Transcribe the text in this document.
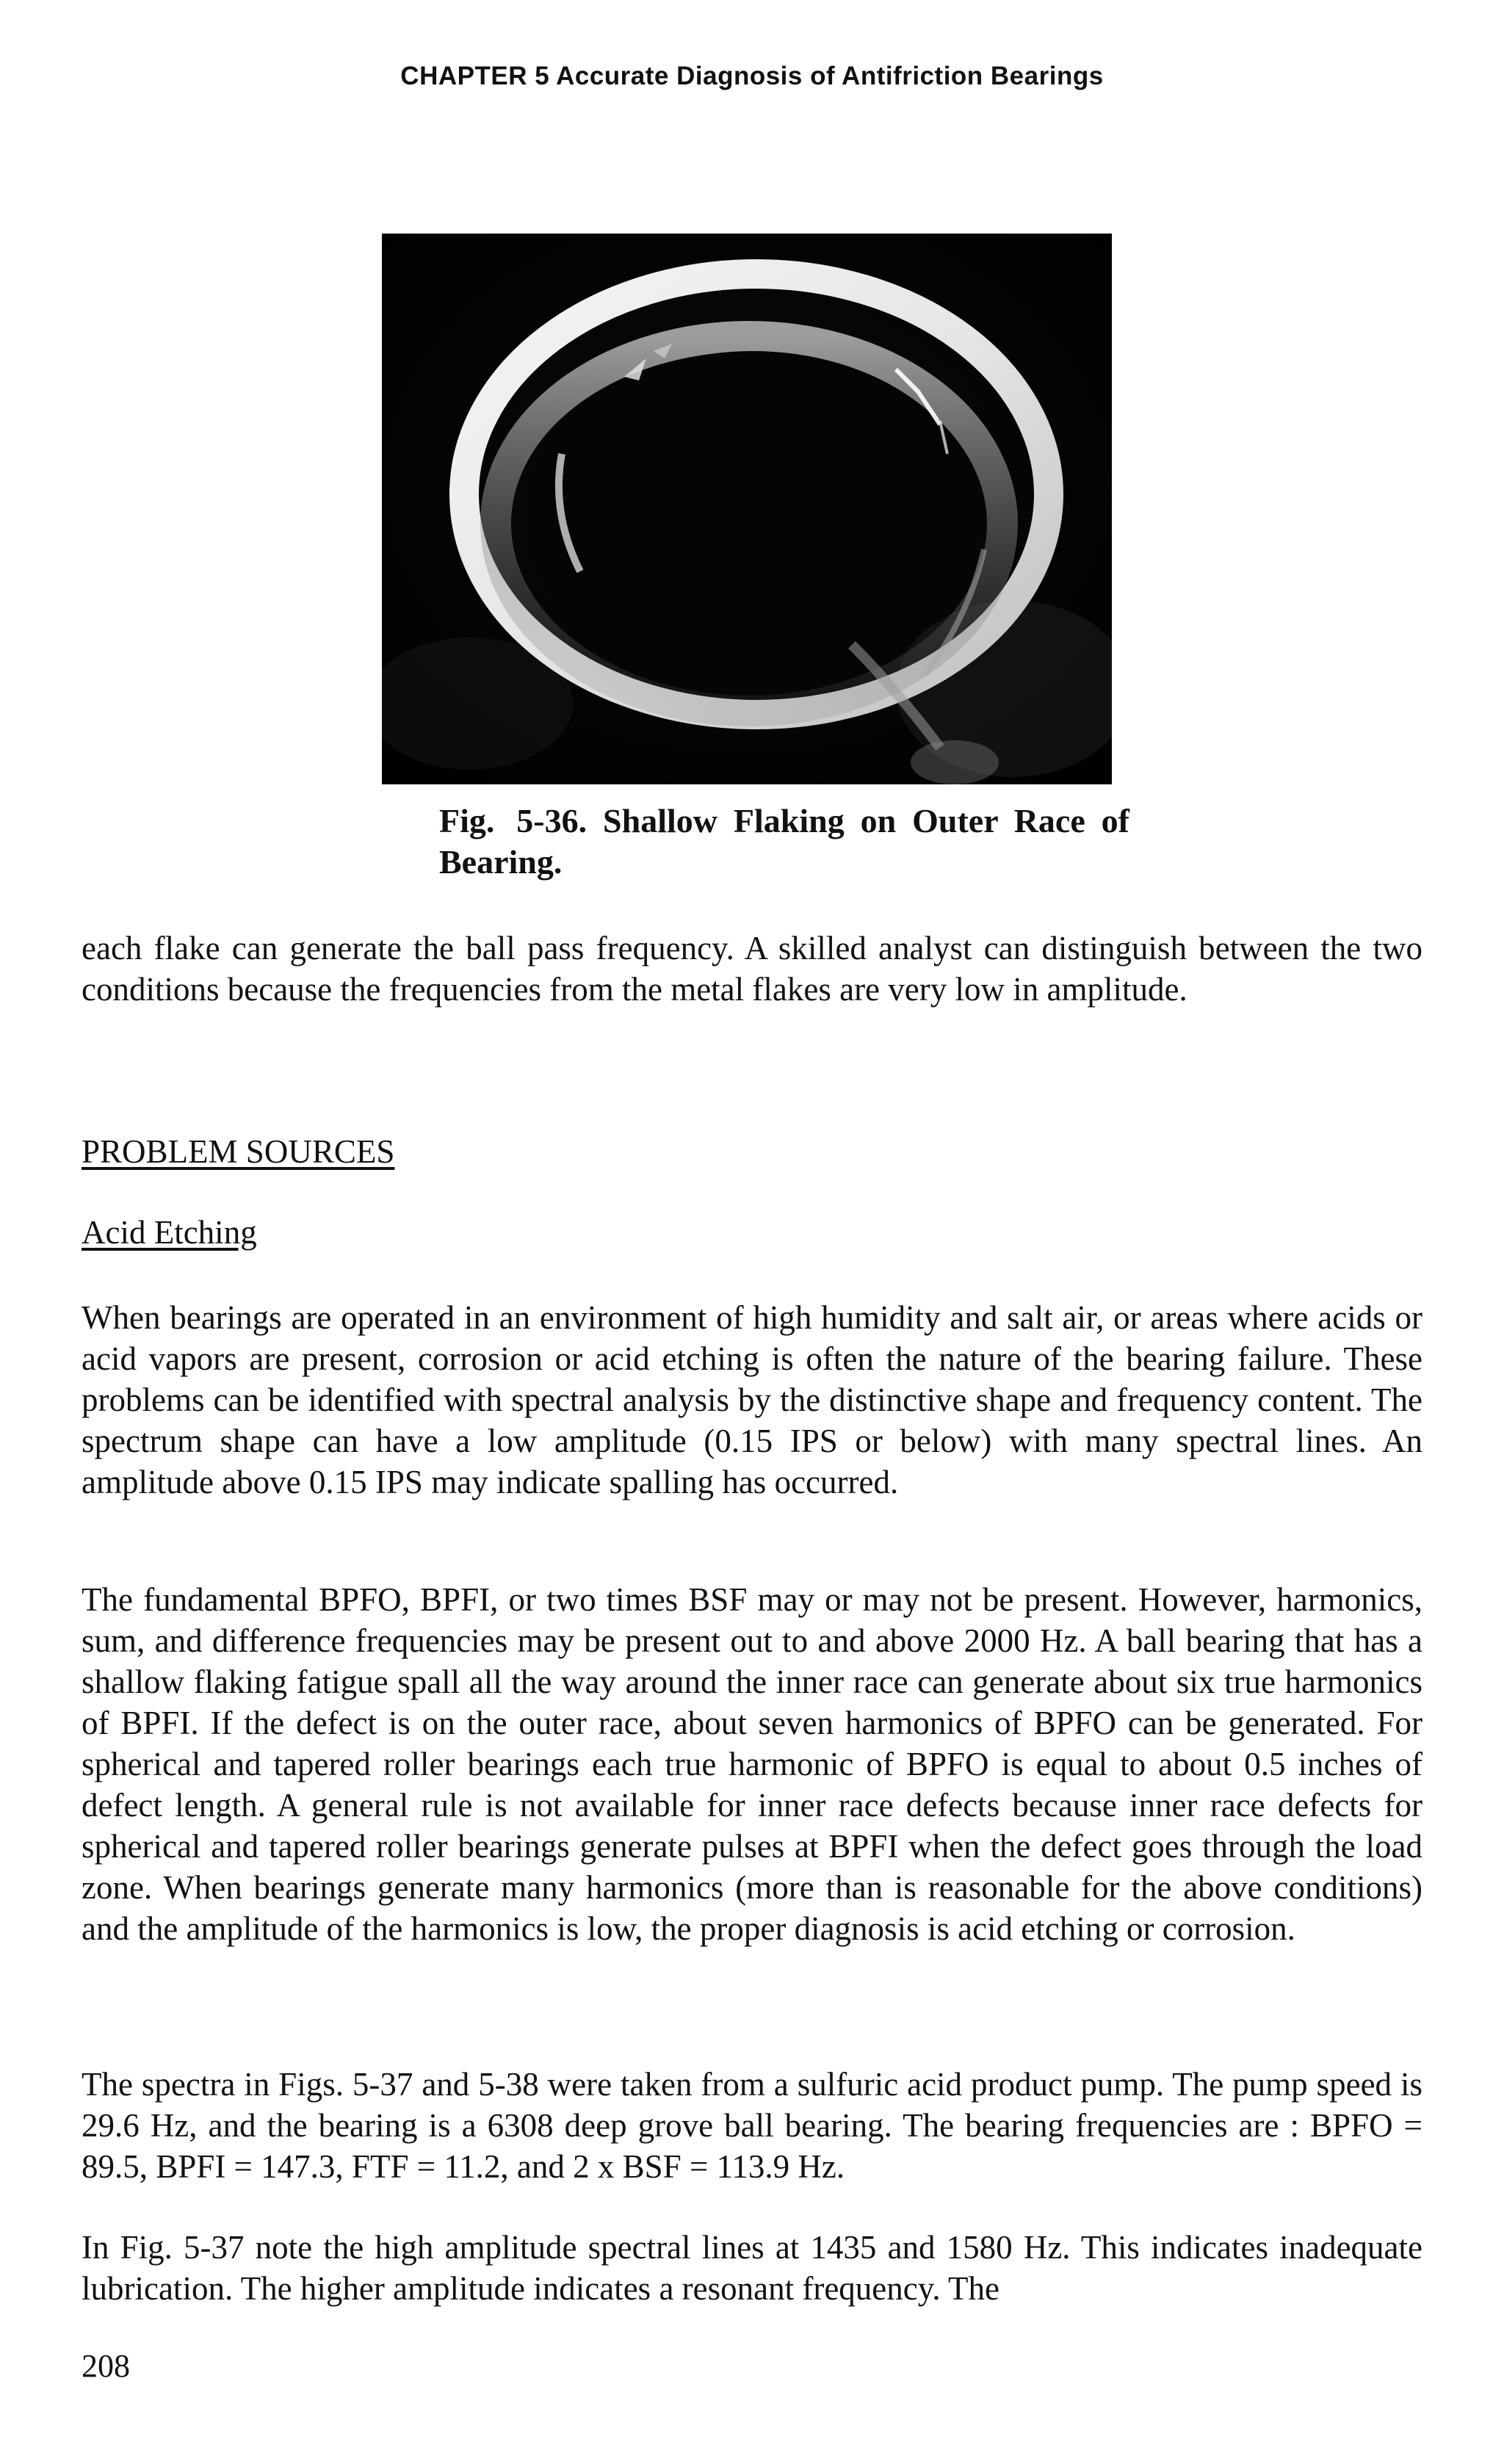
CHAPTER 5 Accurate Diagnosis of Antifriction Bearings
Fig. 5-36. Shallow Flaking on Outer Race of Bearing.

each flake can generate the ball pass frequency. A skilled analyst can distinguish between the two conditions because the frequencies from the metal flakes are very low in amplitude.

PROBLEM SOURCES
Acid Etching

When bearings are operated in an environment of high humidity and salt air, or areas where acids or acid vapors are present, corrosion or acid etching is often the nature of the bearing failure. These problems can be identified with spectral analysis by the distinctive shape and frequency content. The spectrum shape can have a low amplitude (0.15 IPS or below) with many spectral lines. An amplitude above 0.15 IPS may indicate spalling has occurred.

The fundamental BPFO, BPFI, or two times BSF may or may not be present. However, harmonics, sum, and difference frequencies may be present out to and above 2000 Hz. A ball bearing that has a shallow flaking fatigue spall all the way around the inner race can generate about six true harmonics of BPFI. If the defect is on the outer race, about seven harmonics of BPFO can be generated. For spherical and tapered roller bearings each true harmonic of BPFO is equal to about 0.5 inches of defect length. A general rule is not available for inner race defects because inner race defects for spherical and tapered roller bearings generate pulses at BPFI when the defect goes through the load zone. When bearings generate many harmonics (more than is reasonable for the above conditions) and the amplitude of the harmonics is low, the proper diagnosis is acid etching or corrosion.

The spectra in Figs. 5-37 and 5-38 were taken from a sulfuric acid product pump. The pump speed is 29.6 Hz, and the bearing is a 6308 deep grove ball bearing. The bearing frequencies are : BPFO = 89.5, BPFI = 147.3, FTF = 11.2, and 2 x BSF = 113.9 Hz.

In Fig. 5-37 note the high amplitude spectral lines at 1435 and 1580 Hz. This indicates inadequate lubrication. The higher amplitude indicates a resonant frequency. The

208
